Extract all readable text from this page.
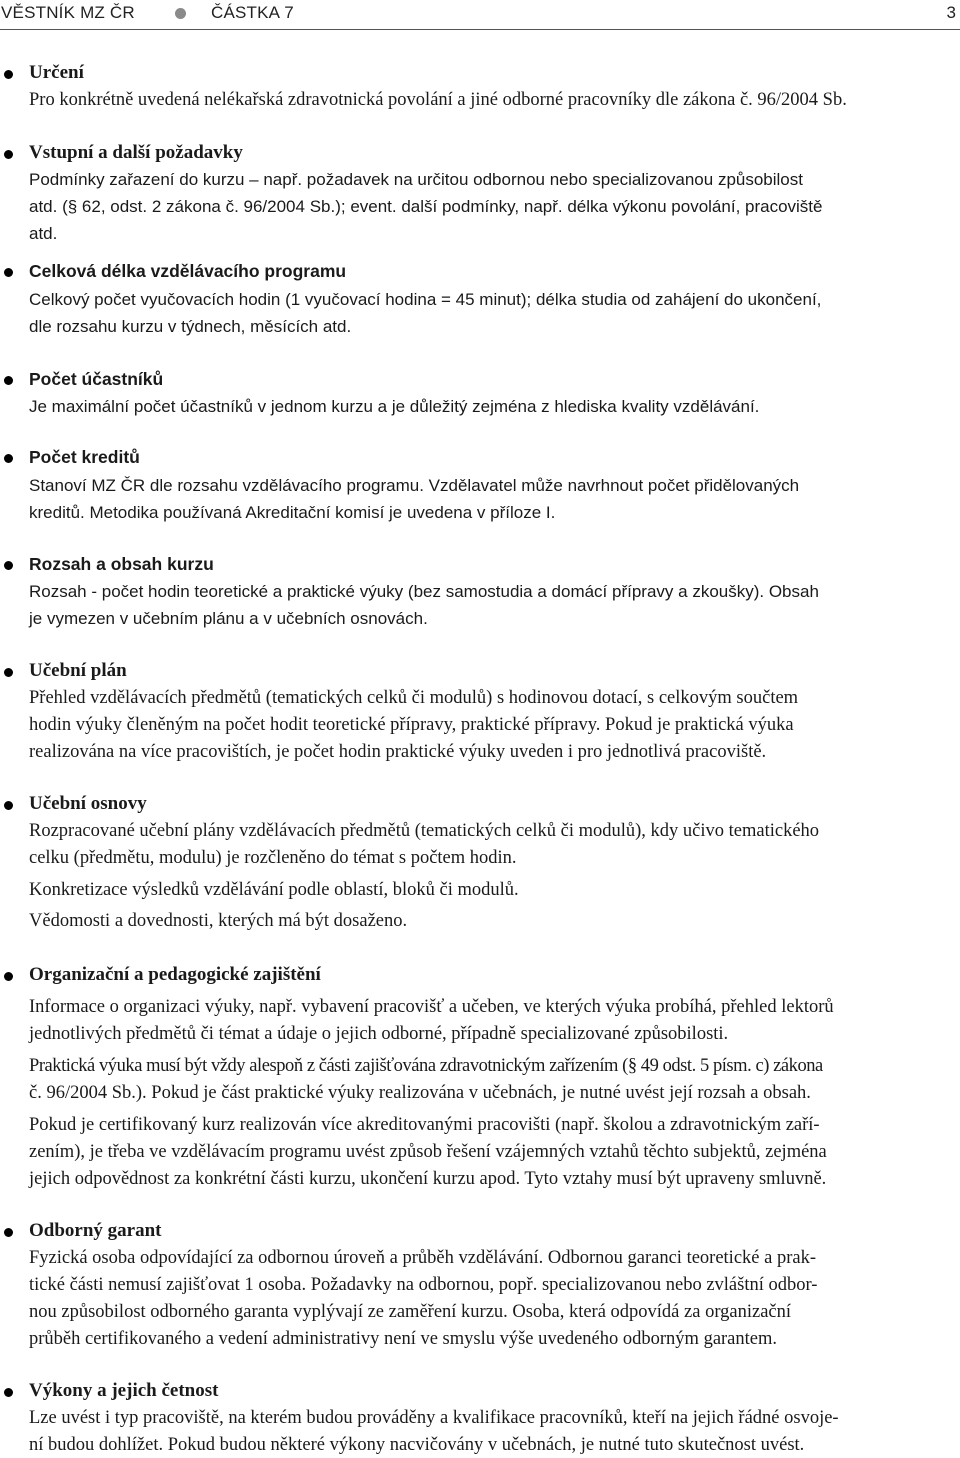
VĚSTNÍK MZ ČR	ČÁSTKA 7	3
Určení
Pro konkrétně uvedená nelékařská zdravotnická povolání a jiné odborné pracovníky dle zákona č. 96/2004 Sb.
Vstupní a další požadavky
Podmínky zařazení do kurzu – např. požadavek na určitou odbornou nebo specializovanou způsobilost
atd. (§ 62, odst. 2 zákona č. 96/2004 Sb.); event. další podmínky, např. délka výkonu povolání, pracoviště
atd.
Celková délka vzdělávacího programu
Celkový počet vyučovacích hodin (1 vyučovací hodina = 45 minut); délka studia od zahájení do ukončení,
dle rozsahu kurzu v týdnech, měsících atd.
Počet účastníků
Je maximální počet účastníků v jednom kurzu a je důležitý zejména z hlediska kvality vzdělávání.
Počet kreditů
Stanoví MZ ČR dle rozsahu vzdělávacího programu. Vzdělavatel může navrhnout počet přidělovaných
kreditů. Metodika používaná Akreditační komisí je uvedena v příloze I.
Rozsah a obsah kurzu
Rozsah - počet hodin teoretické a praktické výuky (bez samostudia a domácí přípravy a zkoušky). Obsah
je vymezen v učebním plánu a v učebních osnovách.
Učební plán
Přehled vzdělávacích předmětů (tematických celků či modulů) s hodinovou dotací, s celkovým součtem
hodin výuky členěným na počet hodit teoretické přípravy, praktické přípravy. Pokud je praktická výuka
realizována na více pracovištích, je počet hodin praktické výuky uveden i pro jednotlivá pracoviště.
Učební osnovy
Rozpracované učební plány vzdělávacích předmětů (tematických celků či modulů), kdy učivo tematického
celku (předmětu, modulu) je rozčleněno do témat s počtem hodin.
Konkretizace výsledků vzdělávání podle oblastí, bloků či modulů.
Vědomosti a dovednosti, kterých má být dosaženo.
Organizační a pedagogické zajištění
Informace o organizaci výuky, např. vybavení pracovišť a učeben, ve kterých výuka probíhá, přehled lektorů
jednotlivých předmětů či témat a údaje o jejich odborné, případně specializované způsobilosti.
Praktická výuka musí být vždy alespoň z části zajišťována zdravotnickým zařízením (§ 49 odst. 5 písm. c) zákona
č. 96/2004 Sb.). Pokud je část praktické výuky realizována v učebnách, je nutné uvést její rozsah a obsah.
Pokud je certifikovaný kurz realizován více akreditovanými pracovišti (např. školou a zdravotnickým zaří-
zením), je třeba ve vzdělávacím programu uvést způsob řešení vzájemných vztahů těchto subjektů, zejména
jejich odpovědnost za konkrétní části kurzu, ukončení kurzu apod. Tyto vztahy musí být upraveny smluvně.
Odborný garant
Fyzická osoba odpovídající za odbornou úroveň a průběh vzdělávání. Odbornou garanci teoretické a prak-
tické části nemusí zajišťovat 1 osoba. Požadavky na odbornou, popř. specializovanou nebo zvláštní odbor-
nou způsobilost odborného garanta vyplývají ze zaměření kurzu. Osoba, která odpovídá za organizační
průběh certifikovaného a vedení administrativy není ve smyslu výše uvedeného odborným garantem.
Výkony a jejich četnost
Lze uvést i typ pracoviště, na kterém budou prováděny a kvalifikace pracovníků, kteří na jejich řádné osvoje-
ní budou dohlížet. Pokud budou některé výkony nacvičovány v učebnách, je nutné tuto skutečnost uvést.
